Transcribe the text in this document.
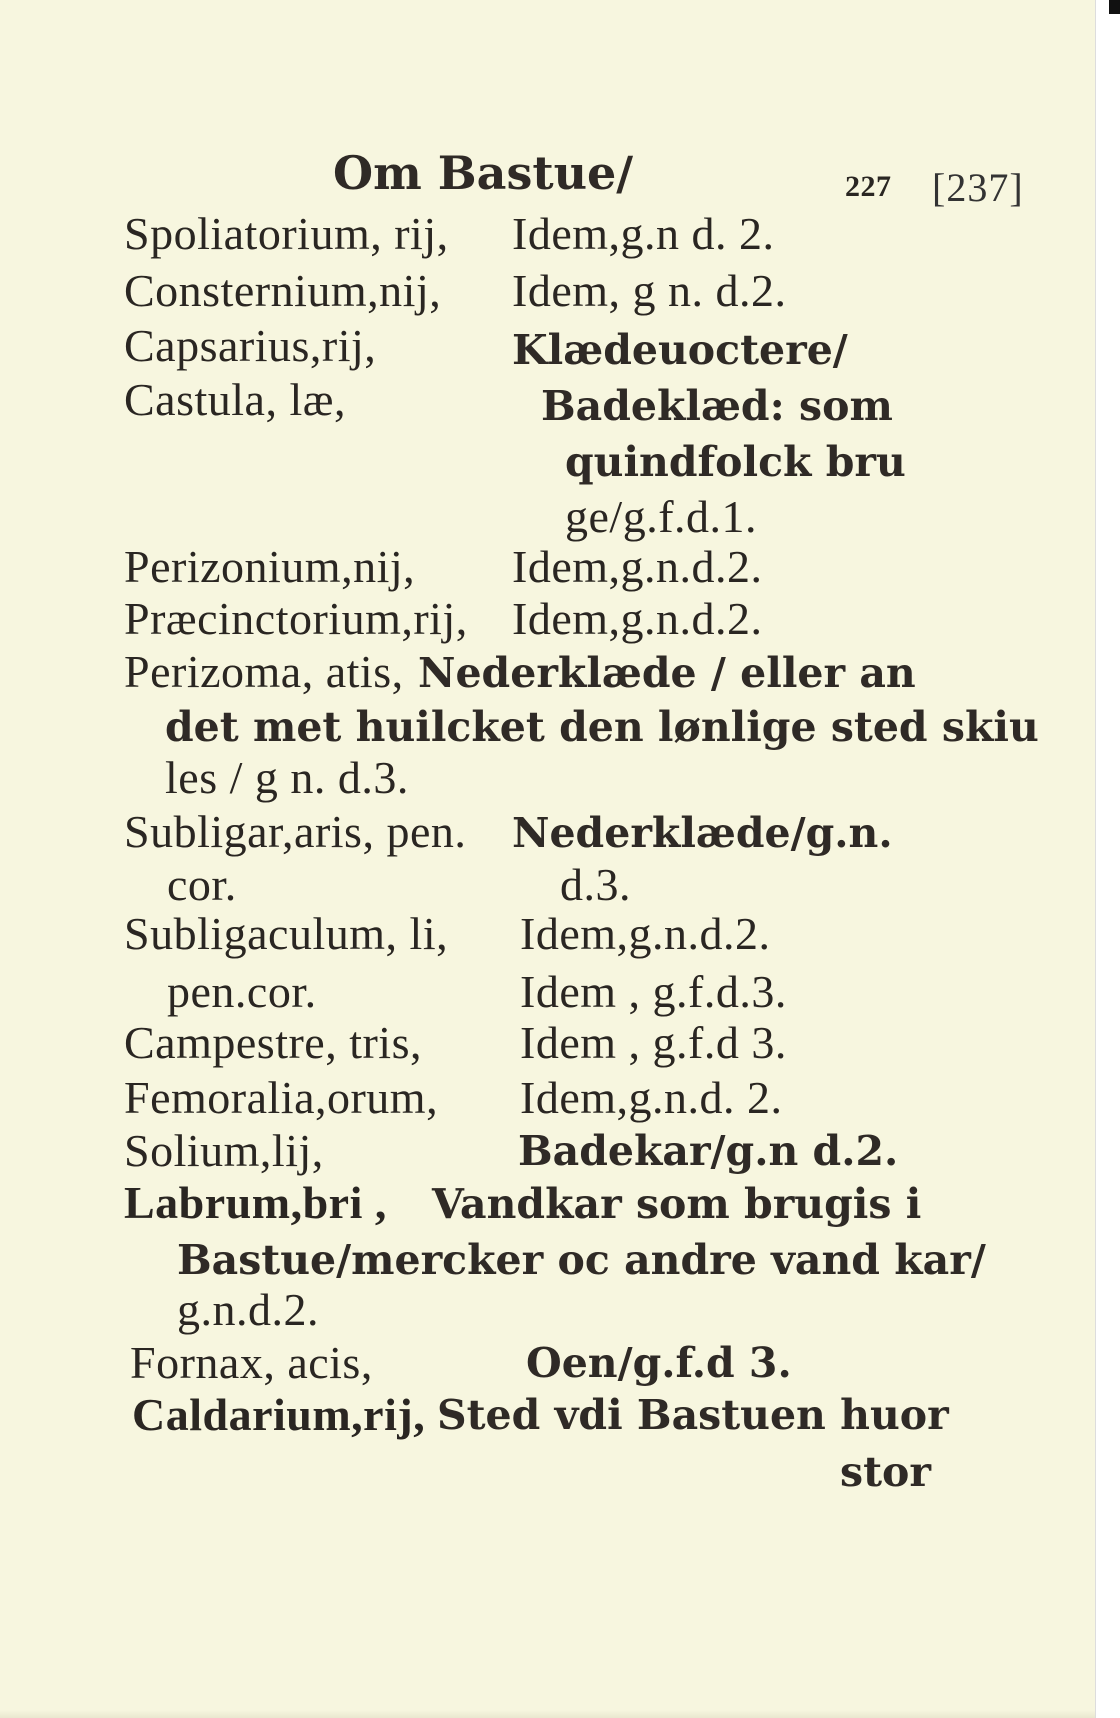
Om Bastue/	227 [237]
Spoliatorium, rij, Idem,g.n d. 2.
Consternium,nij, Idem, g n. d.2.
Capsarius,rij,	Klædeuoctere/
Castula, læ,	Badeklæd: som
quindfolck bru
ge/g.f.d.1.
Perizonium,nij, Idem,g.n.d.2.
Præcinctorium,rij, Idem,g.n.d.2.
Perizoma, atis, Nederklæde / eller an
det met huilcket den lønlige sted skiu
les / g n. d.3.
Subligar,aris, pen. Nederklæde/g.n.
cor.	d.3.
Subligaculum, li, Idem,g.n.d.2.
pen.cor.	Idem , g.f.d.3.
Campestre, tris, Idem , g.f.d 3.
Femoralia,orum, Idem,g.n.d. 2.
Solium,lij,	Badekar/g.n d.2.
Labrum,bri , Vandkar som brugis i
Bastue/mercker oc andre vand kar/
g.n.d.2.
Fornax, acis,	Oen/g.f.d 3.
Caldarium,rij, Sted vdi Bastuen huor
stor
